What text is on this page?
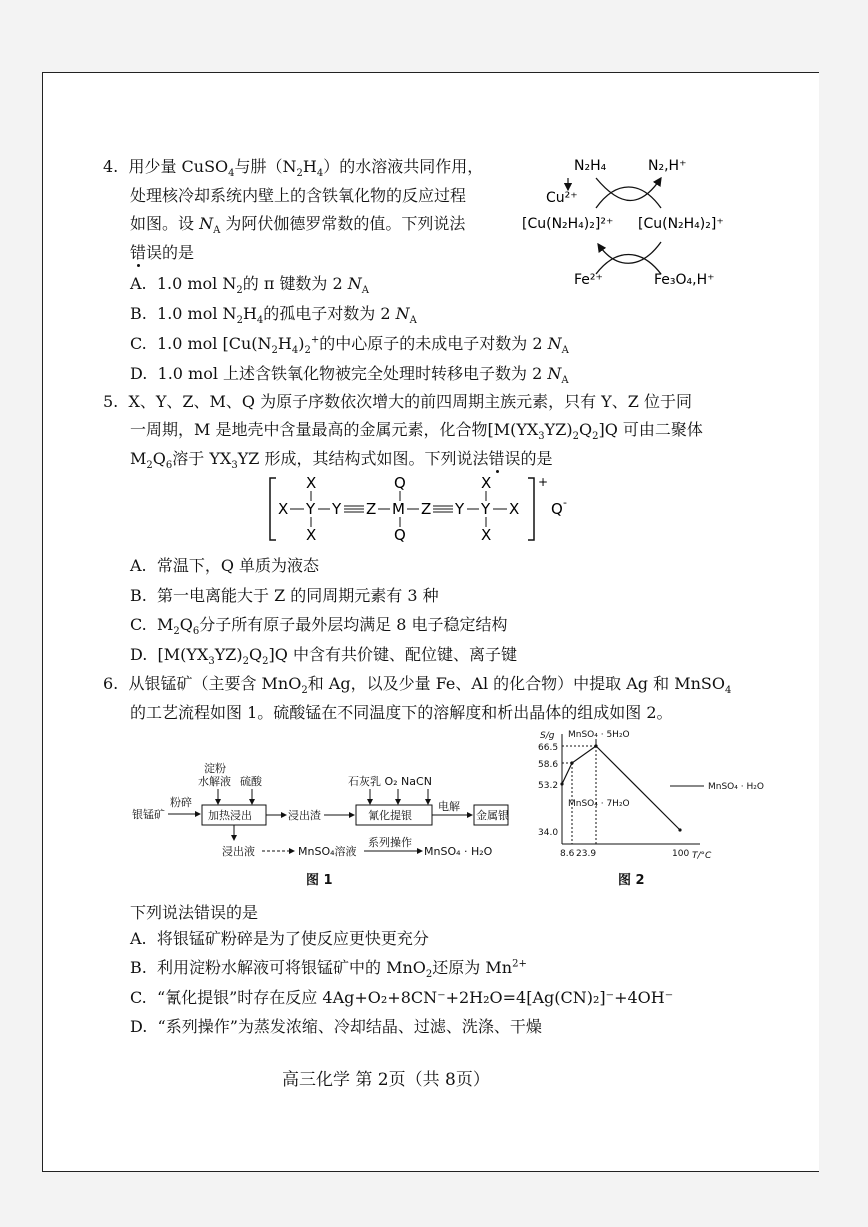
4. 用少量 CuSO$_4$与肼$(N_2H_4)$的水溶液共同作用，
处理核冷却系统内壁上的含铁氧化物的反应过程
如图。设 $N_A$ 为阿伏伽德罗常数的值。下列说法
错误的是
A. 1.0 mol $N_2$的 π 键数为 2 $N_A$
B. 1.0 mol $N_2H_4$的孤电子对数为 2 $N_A$
C. 1.0 mol [$Cu(N_2H_4)_2^+$的中心原子的未成电子对数为 2 $N_A$
D. 1.0 mol 上述含铁氧化物被完全处理时转移电子数为 2 $N_A$
N₂H₄	N₂,H⁺
Cu²⁺
[Cu(N₂H₄)₂]²⁺ [Cu(N₂H₄)₂]⁺
Fe²⁺	Fe₃O₄,H⁺
5. X、Y、Z、M、Q 为原子序数依次增大的前四周期主族元素，只有 Y、Z 位于同
一周期，M 是地壳中含量最高的金属元素，化合物$[M(YX_3YZ)_2Q_2]Q$ 可由二聚体
$M_2Q_6$溶于 $YX_3YZ$ 形成，其结构式如图。下列说法错误的是
X Y
X
X
Y Z M
Q
Q
Z Y Y
X
X
X
+
Q -
A. 常温下，Q 单质为液态
B. 第一电离能大于 Z 的同周期元素有 3 种
C. $M_2Q_6$分子所有原子最外层均满足 8 电子稳定结构
D. $[M(YX_3YZ)_2Q_2]Q$ 中含有共价键、配位键、离子键
6. 从银锰矿（主要含 MnO$_2$和 Ag，以及少量 Fe、Al 的化合物）中提取 Ag 和 MnSO$_4$
的工艺流程如图 1。硫酸锰在不同温度下的溶解度和析出晶体的组成如图 2。
银锰矿
粉碎
淀粉
水解液 硫酸
加热浸出	浸出渣
石灰乳 O₂ NaCN
氰化提银
电解
金属银
浸出液	MnSO₄溶液
系列操作
MnSO₄ · H₂O
图 1
S/g
T/°C
66.5
58.6
53.2
34.0
8.6 23.9	100
MnSO₄ · 5H₂O
MnSO₄ · H₂O
MnSO₄ · 7H₂O
图 2
下列说法错误的是
A. 将银锰矿粉碎是为了使反应更快更充分
B. 利用淀粉水解液可将银锰矿中的 MnO$_2$还原为 $Mn^{2+}$
C. “氰化提银”时存在反应 4Ag+O₂+8CN⁻+2H₂O=4[Ag(CN)₂]⁻+4OH⁻
D. “系列操作”为蒸发浓缩、冷却结晶、过滤、洗涤、干燥
高三化学 第 2页（共 8页）
